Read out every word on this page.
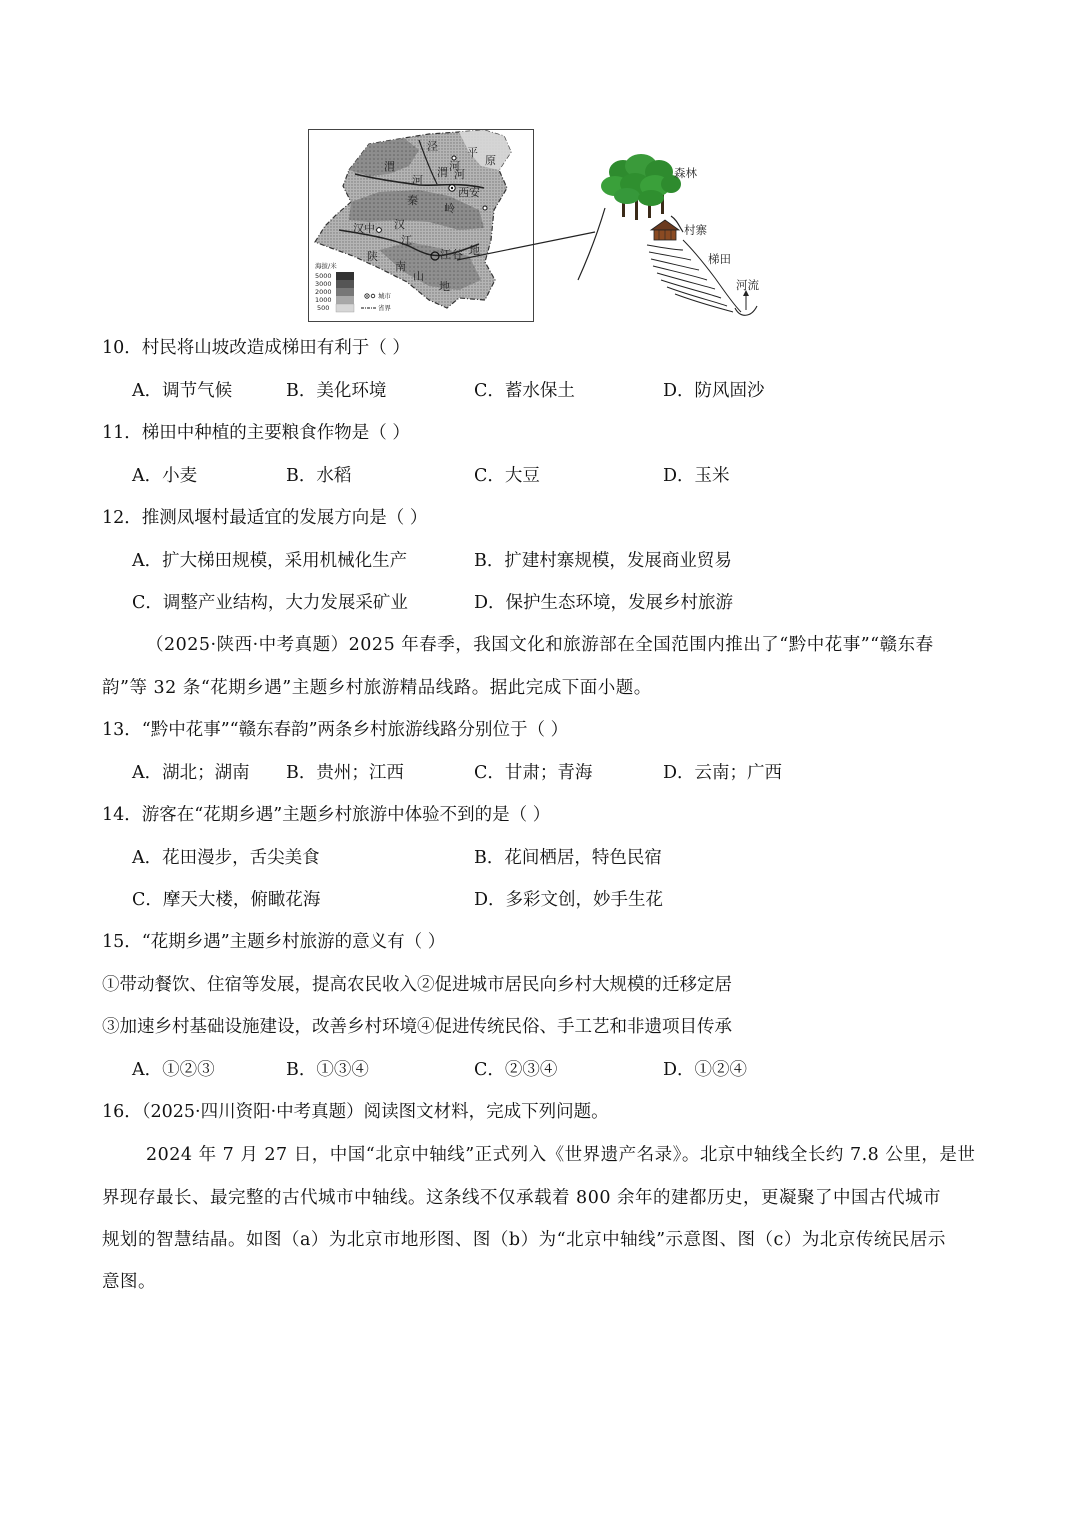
泾
河
平
原
渭
河
渭 河
西安
秦
岭
汉中 汉
江
陕
南
山
地
地
谷
江
海拔/米
5000
3000
2000
1000
500
城市
省界
森林
村寨
梯田
河流
10．村民将山坡改造成梯田有利于（ ）
A．调节气候	B．美化环境	C．蓄水保土	D．防风固沙
11．梯田中种植的主要粮食作物是（ ）
A．小麦	B．水稻	C．大豆	D．玉米
12．推测凤堰村最适宜的发展方向是（ ）
A．扩大梯田规模，采用机械化生产	B．扩建村寨规模，发展商业贸易
C．调整产业结构，大力发展采矿业	D．保护生态环境，发展乡村旅游
（2025·陕西·中考真题）2025 年春季，我国文化和旅游部在全国范围内推出了“黔中花事”“赣东春
韵”等 32 条“花期乡遇”主题乡村旅游精品线路。据此完成下面小题。
13．“黔中花事”“赣东春韵”两条乡村旅游线路分别位于（ ）
A．湖北；湖南 B．贵州；江西	C．甘肃；青海	D．云南；广西
14．游客在“花期乡遇”主题乡村旅游中体验不到的是（ ）
A．花田漫步，舌尖美食	B．花间栖居，特色民宿
C．摩天大楼，俯瞰花海	D．多彩文创，妙手生花
15．“花期乡遇”主题乡村旅游的意义有（ ）
①带动餐饮、住宿等发展，提高农民收入②促进城市居民向乡村大规模的迁移定居
③加速乡村基础设施建设，改善乡村环境④促进传统民俗、手工艺和非遗项目传承
A．①②③	B．①③④	C．②③④	D．①②④
16．（2025·四川资阳·中考真题）阅读图文材料，完成下列问题。
2024 年 7 月 27 日，中国“北京中轴线”正式列入《世界遗产名录》。北京中轴线全长约 7.8 公里，是世
界现存最长、最完整的古代城市中轴线。这条线不仅承载着 800 余年的建都历史，更凝聚了中国古代城市
规划的智慧结晶。如图（a）为北京市地形图、图（b）为“北京中轴线”示意图、图（c）为北京传统民居示
意图。
